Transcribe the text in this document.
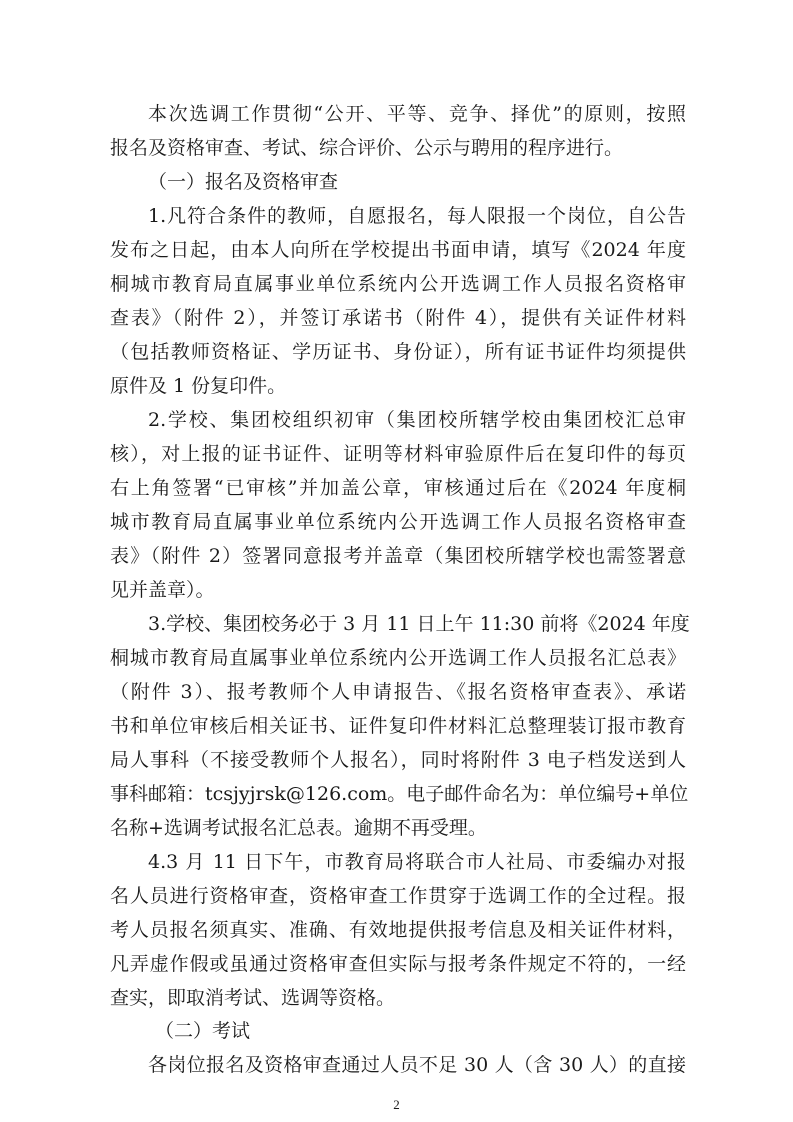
本次选调工作贯彻“公开、平等、竞争、择优”的原则，按照
报名及资格审查、考试、综合评价、公示与聘用的程序进行。
（一）报名及资格审查
1.凡符合条件的教师，自愿报名，每人限报一个岗位，自公告
发布之日起，由本人向所在学校提出书面申请，填写《2024 年度
桐城市教育局直属事业单位系统内公开选调工作人员报名资格审
查表》（附件 2），并签订承诺书（附件 4），提供有关证件材料
（包括教师资格证、学历证书、身份证），所有证书证件均须提供
原件及 1 份复印件。
2.学校、集团校组织初审（集团校所辖学校由集团校汇总审
核），对上报的证书证件、证明等材料审验原件后在复印件的每页
右上角签署“已审核”并加盖公章，审核通过后在《2024 年度桐
城市教育局直属事业单位系统内公开选调工作人员报名资格审查
表》（附件 2）签署同意报考并盖章（集团校所辖学校也需签署意
见并盖章）。
3.学校、集团校务必于 3 月 11 日上午 11:30 前将《2024 年度
桐城市教育局直属事业单位系统内公开选调工作人员报名汇总表》
（附件 3）、报考教师个人申请报告、《报名资格审查表》、承诺
书和单位审核后相关证书、证件复印件材料汇总整理装订报市教育
局人事科（不接受教师个人报名），同时将附件 3 电子档发送到人
事科邮箱：tcsjyjrsk@126.com。电子邮件命名为：单位编号+单位
名称+选调考试报名汇总表。逾期不再受理。
4.3 月 11 日下午，市教育局将联合市人社局、市委编办对报
名人员进行资格审查，资格审查工作贯穿于选调工作的全过程。报
考人员报名须真实、准确、有效地提供报考信息及相关证件材料，
凡弄虚作假或虽通过资格审查但实际与报考条件规定不符的，一经
查实，即取消考试、选调等资格。
（二）考试
各岗位报名及资格审查通过人员不足 30 人（含 30 人）的直接
2
